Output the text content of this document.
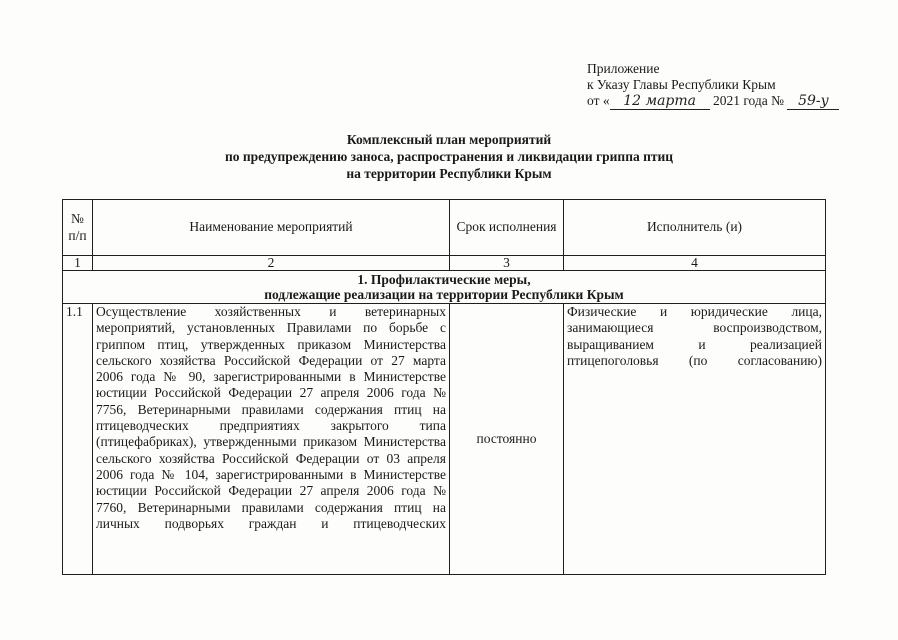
Приложение
к Указу Главы Республики Крым
от « 12 марта 2021 года № 59-у
Комплексный план мероприятий
по предупреждению заноса, распространения и ликвидации гриппа птиц
на территории Республики Крым
№ п/п	Наименование мероприятий	Срок исполнения	Исполнитель (и)
1	2	3	4

1. Профилактические меры,
подлежащие реализации на территории Республики Крым			

1.1	Осуществление хозяйственных и ветеринарных мероприятий, установленных Правилами по борьбе с гриппом птиц, утвержденных приказом Министерства сельского хозяйства Российской Федерации от 27 марта 2006 года № 90, зарегистрированными в Министерстве юстиции Российской Федерации 27 апреля 2006 года № 7756, Ветеринарными правилами содержания птиц на птицеводческих предприятиях закрытого типа (птицефабриках), утвержденными приказом Министерства сельского хозяйства Российской Федерации от 03 апреля 2006 года № 104, зарегистрированными в Министерстве юстиции Российской Федерации 27 апреля 2006 года № 7760, Ветеринарными правилами содержания птиц на личных подворьях граждан и птицеводческих	постоянно	Физические и юридические лица, занимающиеся воспроизводством, выращиванием и реализацией птицепоголовья (по согласованию)
